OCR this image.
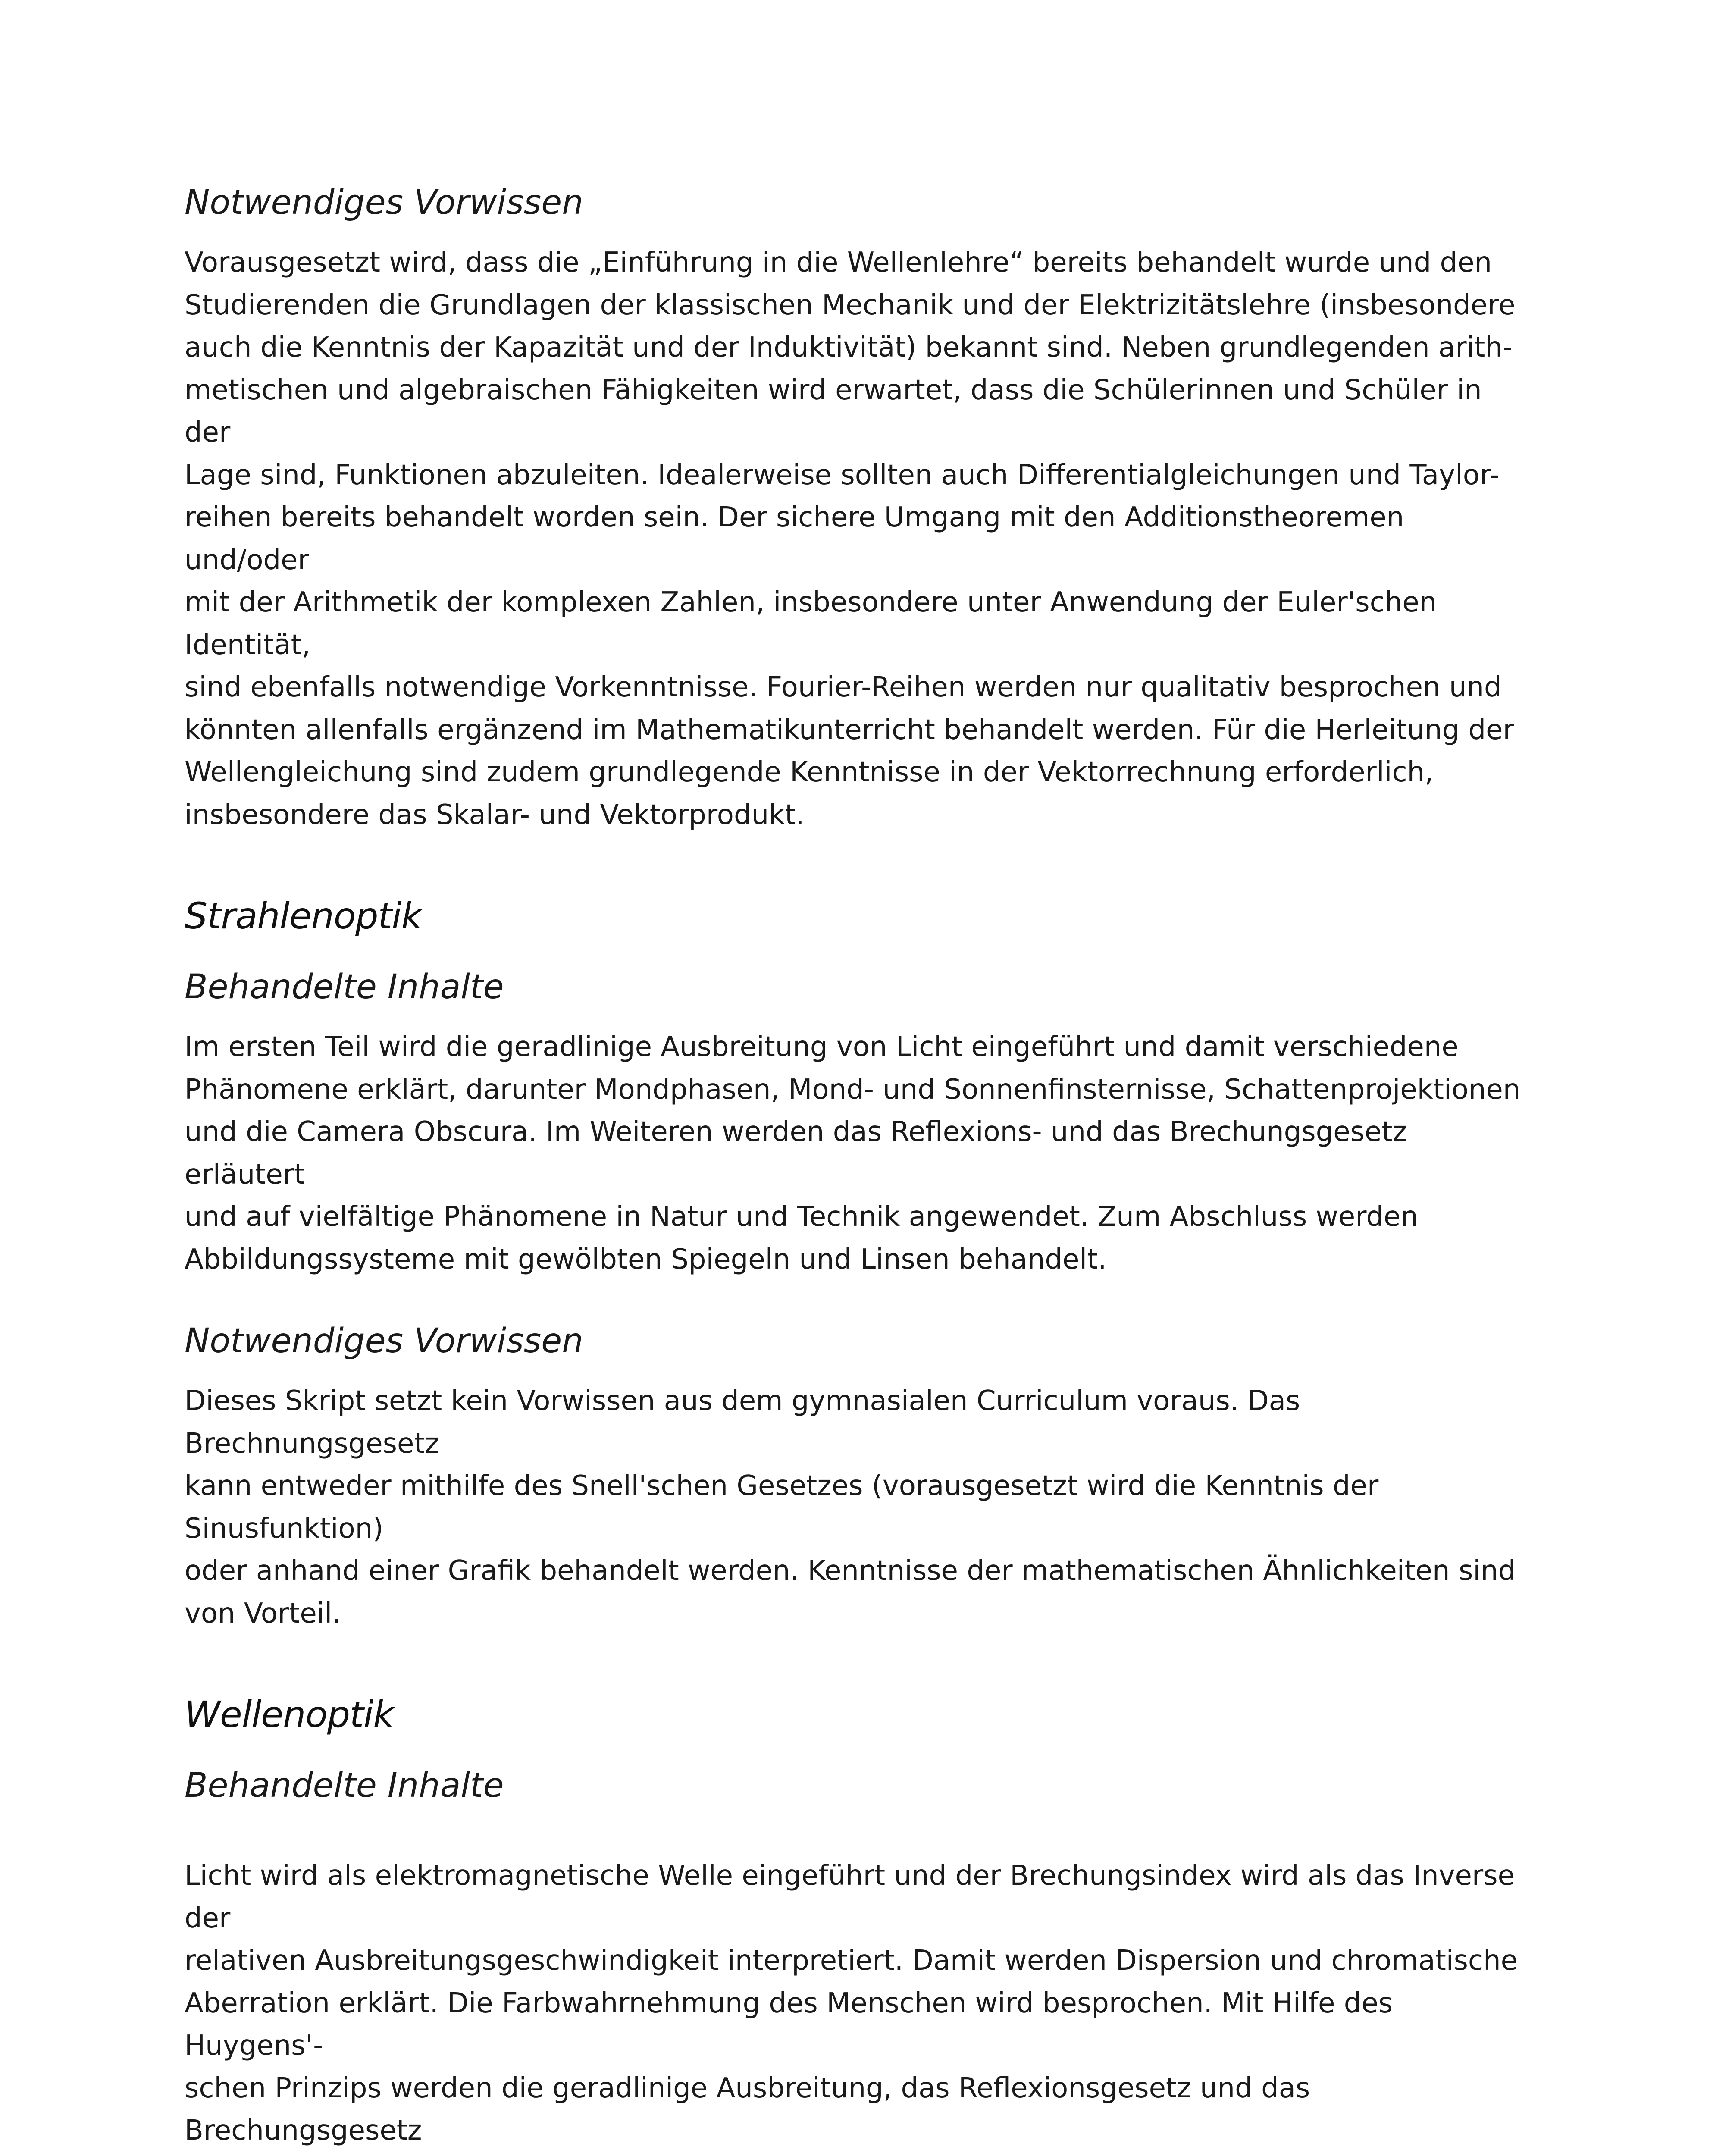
Notwendiges Vorwissen

Vorausgesetzt wird, dass die „Einführung in die Wellenlehre“ bereits behandelt wurde und den
Studierenden die Grundlagen der klassischen Mechanik und der Elektrizitätslehre (insbesondere
auch die Kenntnis der Kapazität und der Induktivität) bekannt sind. Neben grundlegenden arith-
metischen und algebraischen Fähigkeiten wird erwartet, dass die Schülerinnen und Schüler in der
Lage sind, Funktionen abzuleiten. Idealerweise sollten auch Differentialgleichungen und Taylor-
reihen bereits behandelt worden sein. Der sichere Umgang mit den Additionstheoremen und/oder
mit der Arithmetik der komplexen Zahlen, insbesondere unter Anwendung der Euler'schen Identität,
sind ebenfalls notwendige Vorkenntnisse. Fourier-Reihen werden nur qualitativ besprochen und
könnten allenfalls ergänzend im Mathematikunterricht behandelt werden. Für die Herleitung der
Wellengleichung sind zudem grundlegende Kenntnisse in der Vektorrechnung erforderlich,
insbesondere das Skalar- und Vektorprodukt.

Strahlenoptik
Behandelte Inhalte

Im ersten Teil wird die geradlinige Ausbreitung von Licht eingeführt und damit verschiedene
Phänomene erklärt, darunter Mondphasen, Mond- und Sonnenfinsternisse, Schattenprojektionen
und die Camera Obscura. Im Weiteren werden das Reflexions- und das Brechungsgesetz erläutert
und auf vielfältige Phänomene in Natur und Technik angewendet. Zum Abschluss werden
Abbildungssysteme mit gewölbten Spiegeln und Linsen behandelt.

Notwendiges Vorwissen

Dieses Skript setzt kein Vorwissen aus dem gymnasialen Curriculum voraus. Das Brechnungsgesetz
kann entweder mithilfe des Snell'schen Gesetzes (vorausgesetzt wird die Kenntnis der Sinusfunktion)
oder anhand einer Grafik behandelt werden. Kenntnisse der mathematischen Ähnlichkeiten sind
von Vorteil.

Wellenoptik
Behandelte Inhalte

Licht wird als elektromagnetische Welle eingeführt und der Brechungsindex wird als das Inverse der
relativen Ausbreitungsgeschwindigkeit interpretiert. Damit werden Dispersion und chromatische
Aberration erklärt. Die Farbwahrnehmung des Menschen wird besprochen. Mit Hilfe des Huygens'-
schen Prinzips werden die geradlinige Ausbreitung, das Reflexionsgesetz und das Brechungsgesetz
